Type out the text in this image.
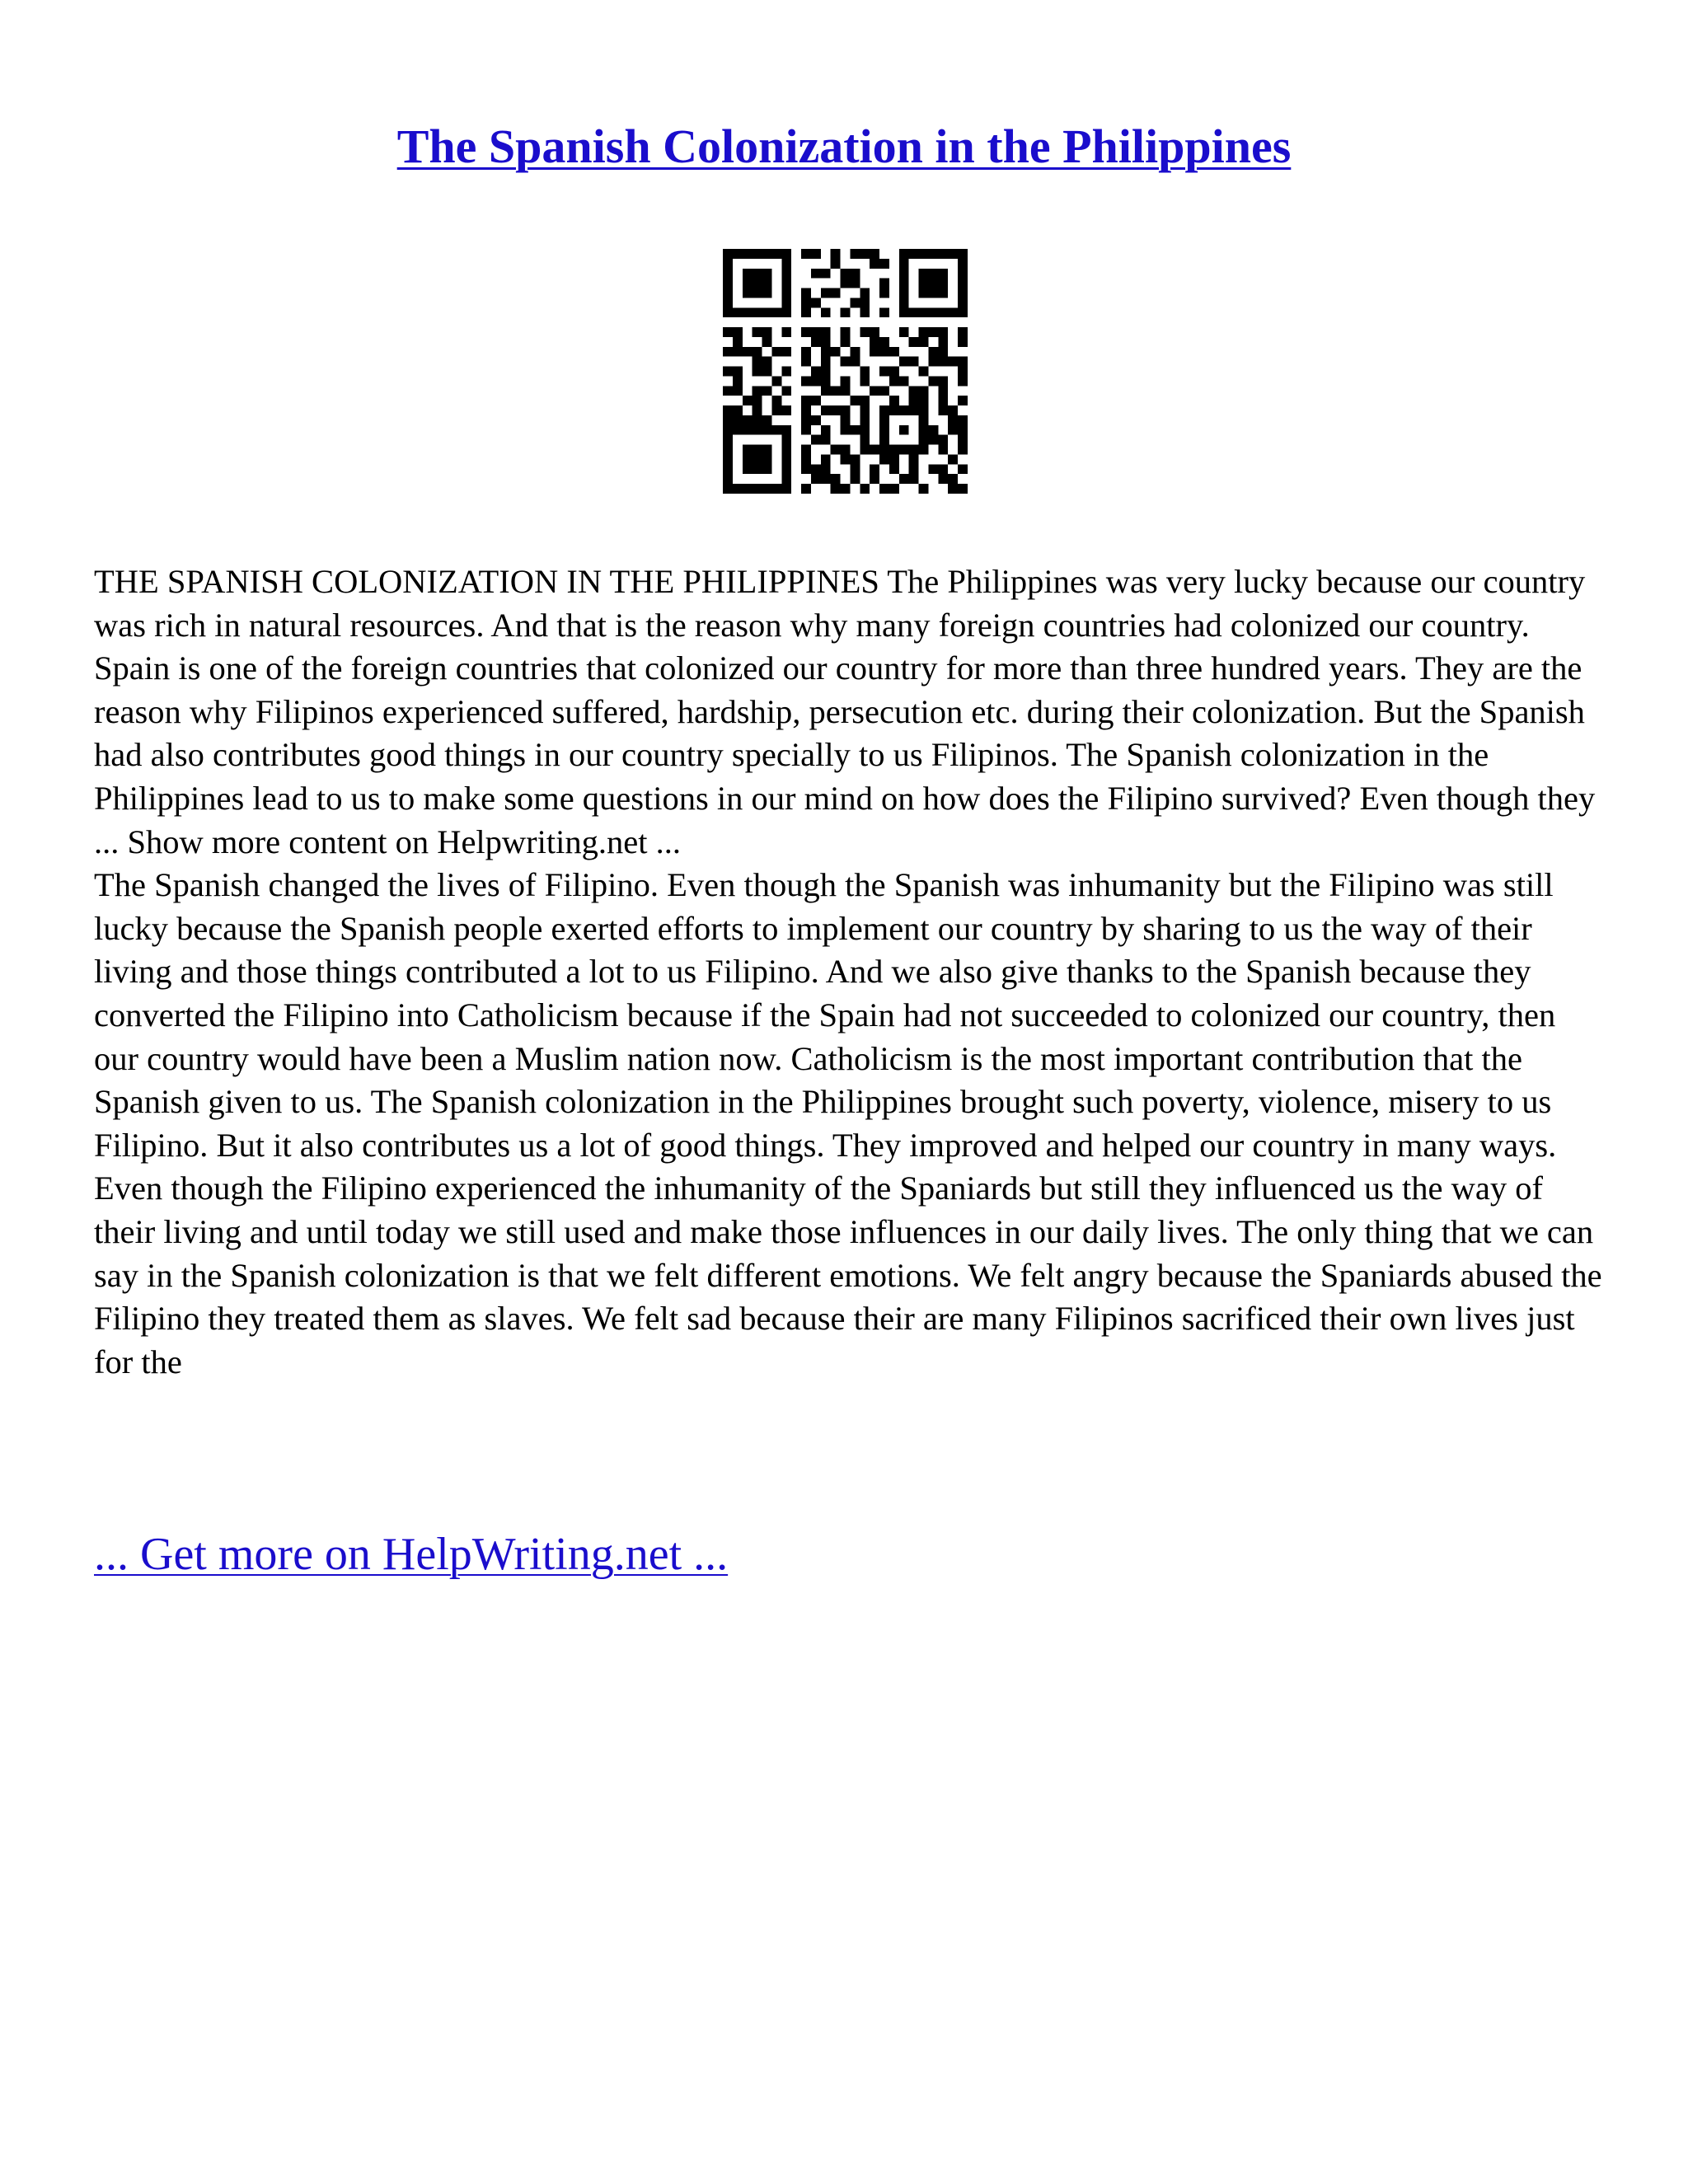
The Spanish Colonization in the Philippines

THE SPANISH COLONIZATION IN THE PHILIPPINES The Philippines was very lucky because our country was rich in natural resources. And that is the reason why many foreign countries had colonized our country. Spain is one of the foreign countries that colonized our country for more than three hundred years. They are the reason why Filipinos experienced suffered, hardship, persecution etc. during their colonization. But the Spanish had also contributes good things in our country specially to us Filipinos. The Spanish colonization in the Philippines lead to us to make some questions in our mind on how does the Filipino survived? Even though they ... Show more content on Helpwriting.net ...

The Spanish changed the lives of Filipino. Even though the Spanish was inhumanity but the Filipino was still lucky because the Spanish people exerted efforts to implement our country by sharing to us the way of their living and those things contributed a lot to us Filipino. And we also give thanks to the Spanish because they converted the Filipino into Catholicism because if the Spain had not succeeded to colonized our country, then our country would have been a Muslim nation now. Catholicism is the most important contribution that the Spanish given to us. The Spanish colonization in the Philippines brought such poverty, violence, misery to us Filipino. But it also contributes us a lot of good things. They improved and helped our country in many ways. Even though the Filipino experienced the inhumanity of the Spaniards but still they influenced us the way of their living and until today we still used and make those influences in our daily lives. The only thing that we can say in the Spanish colonization is that we felt different emotions. We felt angry because the Spaniards abused the Filipino they treated them as slaves. We felt sad because their are many Filipinos sacrificed their own lives just for the

... Get more on HelpWriting.net ...
